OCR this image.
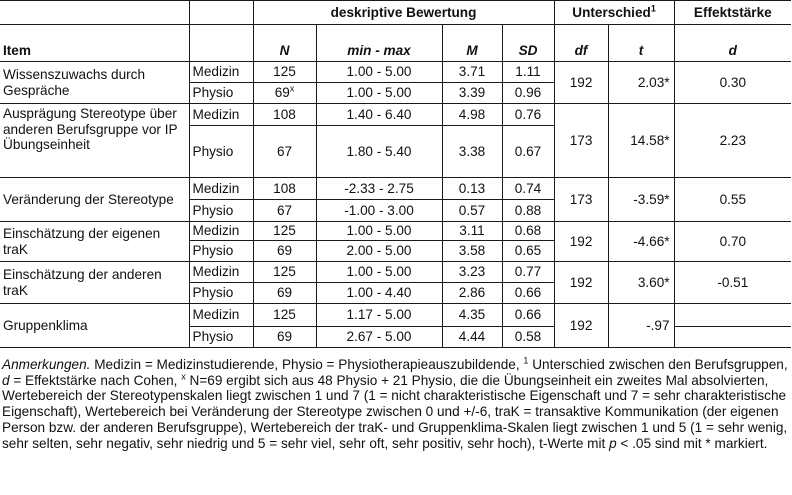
		deskriptive Bewertung				Unterschied$^1$		Effektstärke
Item		N	min - max	M	SD	df	t	d
Wissenszuwachs durch Gespräche	Medizin	125	1.00 - 5.00	3.71	1.11	192	2.03*	0.30
	Physio	69$^x$	1.00 - 5.00	3.39	0.96			
Ausprägung Stereotype über anderen Berufsgruppe vor IP Übungseinheit	Medizin	108	1.40 - 6.40	4.98	0.76	173	14.58*	2.23
	Physio	67	1.80 - 5.40	3.38	0.67			
Veränderung der Stereotype	Medizin	108	-2.33 - 2.75	0.13	0.74	173	-3.59*	0.55
	Physio	67	-1.00 - 3.00	0.57	0.88			
Einschätzung der eigenen traK	Medizin	125	1.00 - 5.00	3.11	0.68	192	-4.66*	0.70
	Physio	69	2.00 - 5.00	3.58	0.65			
Einschätzung der anderen traK	Medizin	125	1.00 - 5.00	3.23	0.77	192	3.60*	-0.51
	Physio	69	1.00 - 4.40	2.86	0.66			
Gruppenklima	Medizin	125	1.17 - 5.00	4.35	0.66	192	-.97	
	Physio	69	2.67 - 5.00	4.44	0.58			
Anmerkungen. Medizin = Medizinstudierende, Physio = Physiotherapieauszubildende, $^1$ Unterschied zwischen den Berufsgruppen, d = Effektstärke nach Cohen, $^x$ N=69 ergibt sich aus 48 Physio + 21 Physio, die die Übungseinheit ein zweites Mal absolvierten, Wertebereich der Stereotypenskalen liegt zwischen 1 und 7 (1 = nicht charakteristische Eigenschaft und 7 = sehr charakteristische Eigenschaft), Wertebereich bei Veränderung der Stereotype zwischen 0 und +/-6, traK = transaktive Kommunikation (der eigenen Person bzw. der anderen Berufsgruppe), Wertebereich der traK- und Gruppenklima-Skalen liegt zwischen 1 und 5 (1 = sehr wenig, sehr selten, sehr negativ, sehr niedrig und 5 = sehr viel, sehr oft, sehr positiv, sehr hoch), t-Werte mit p < .05 sind mit * markiert.
